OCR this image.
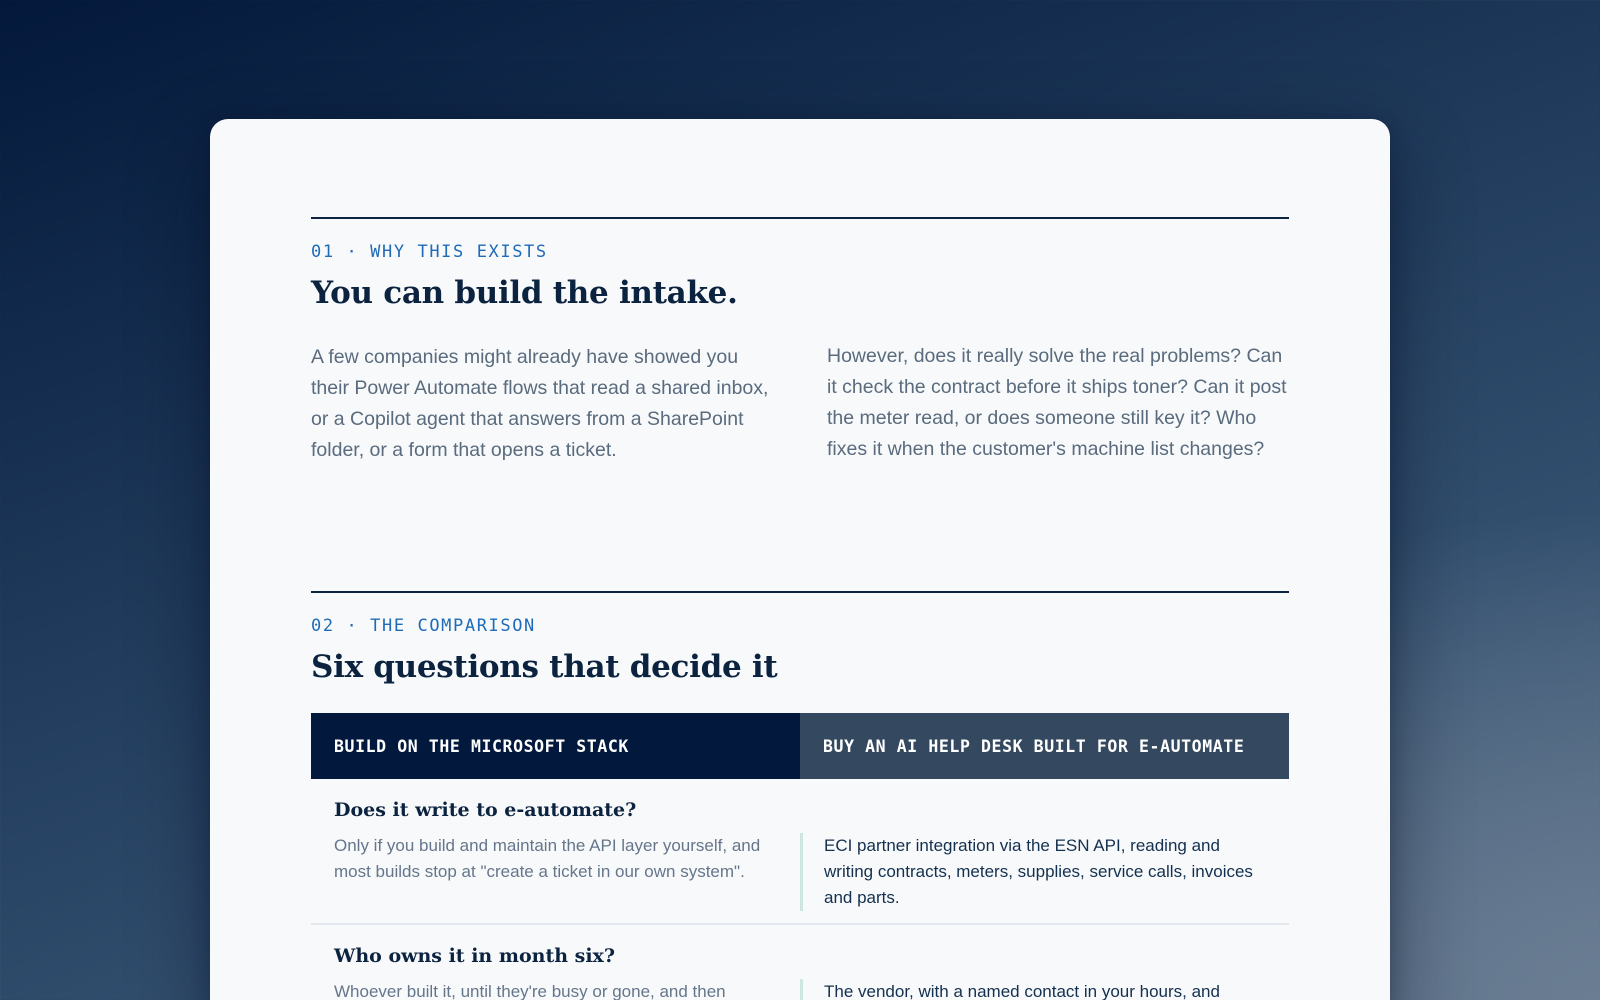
01 · WHY THIS EXISTS
You can build the intake.
A few companies might already have showed you their Power Automate flows that read a shared inbox, or a Copilot agent that answers from a SharePoint folder, or a form that opens a ticket.
However, does it really solve the real problems? Can it check the contract before it ships toner? Can it post the meter read, or does someone still key it? Who fixes it when the customer's machine list changes?
02 · THE COMPARISON
Six questions that decide it
BUILD ON THE MICROSOFT STACK	BUY AN AI HELP DESK BUILT FOR E-AUTOMATE
Does it write to e-automate?
Only if you build and maintain the API layer yourself, and most builds stop at "create a ticket in our own system".
ECI partner integration via the ESN API, reading and writing contracts, meters, supplies, service calls, invoices and parts.
Who owns it in month six?
Whoever built it, until they're busy or gone, and then	The vendor, with a named contact in your hours, and
